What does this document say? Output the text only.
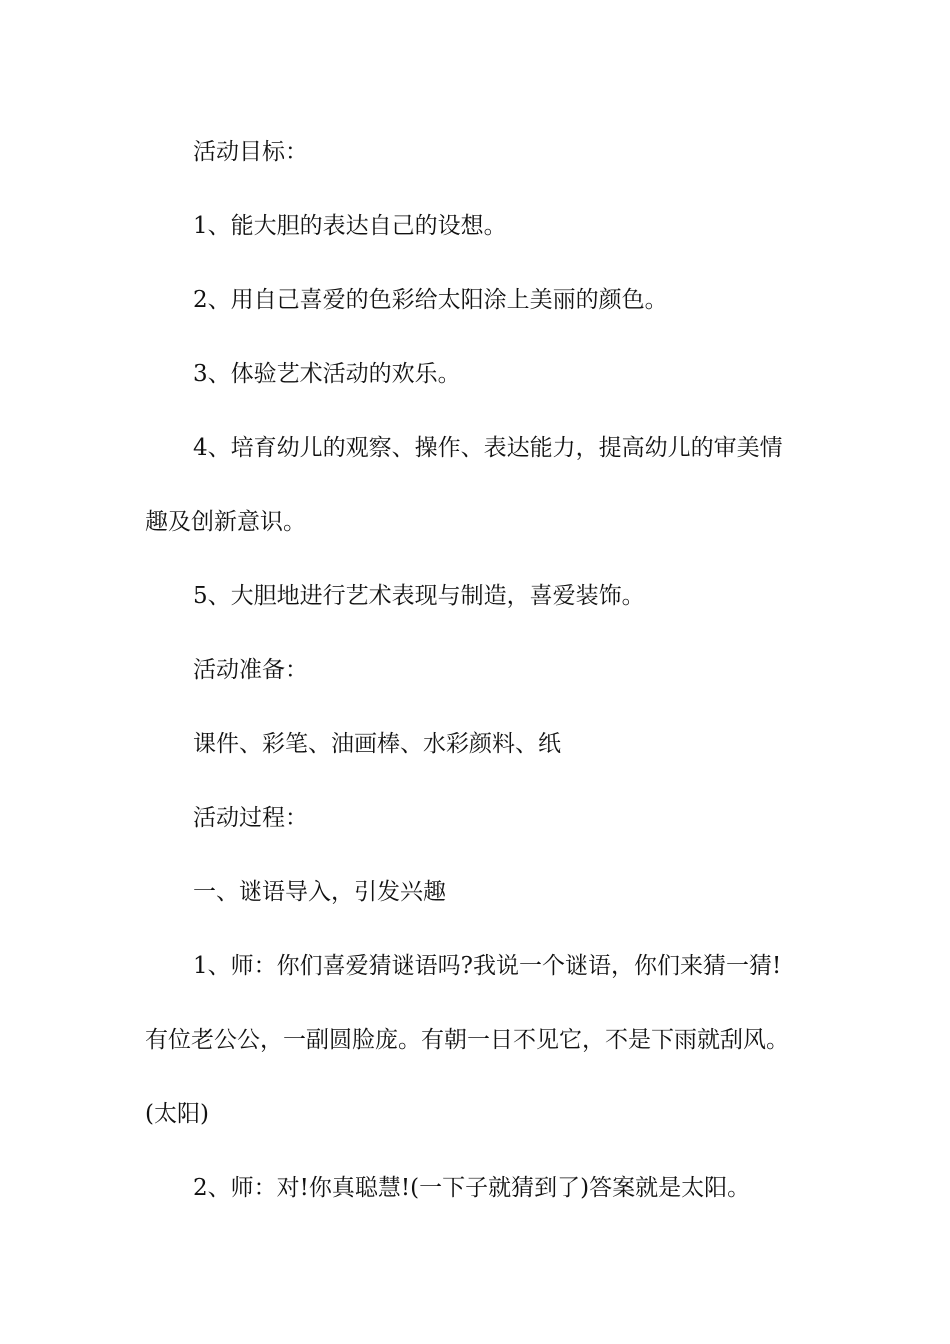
活动目标：
1、能大胆的表达自己的设想。
2、用自己喜爱的色彩给太阳涂上美丽的颜色。
3、体验艺术活动的欢乐。
4、培育幼儿的观察、操作、表达能力，提高幼儿的审美情
趣及创新意识。
5、大胆地进行艺术表现与制造，喜爱装饰。
活动准备：
课件、彩笔、油画棒、水彩颜料、纸
活动过程：
一、谜语导入，引发兴趣
1、师：你们喜爱猜谜语吗?我说一个谜语，你们来猜一猜!
有位老公公，一副圆脸庞。有朝一日不见它，不是下雨就刮风。
(太阳)
2、师：对!你真聪慧!(一下子就猜到了)答案就是太阳。
